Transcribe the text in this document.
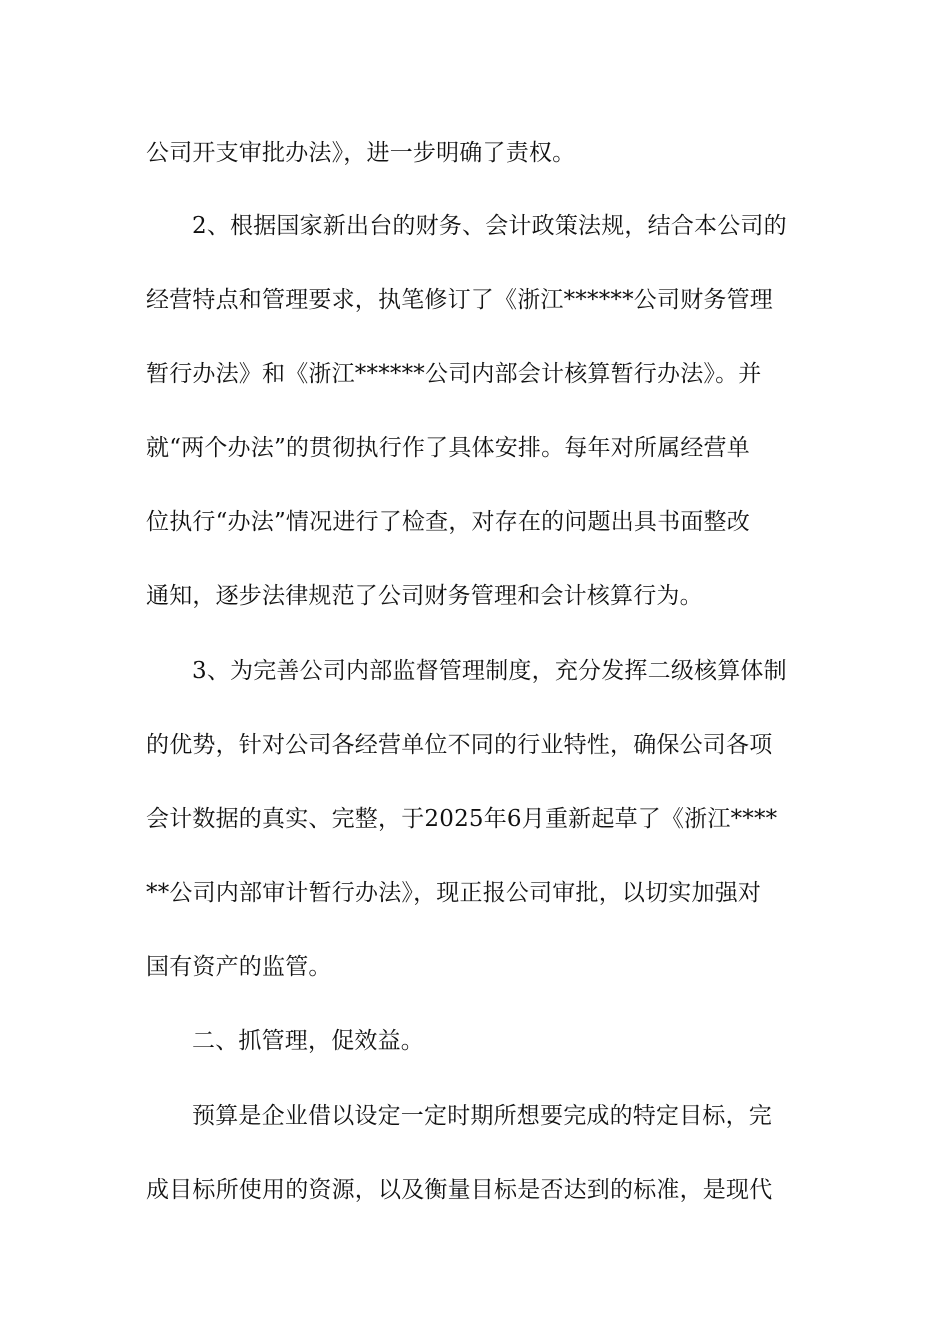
公司开支审批办法》，进一步明确了责权。
2、根据国家新出台的财务、会计政策法规，结合本公司的
经营特点和管理要求，执笔修订了《浙江******公司财务管理
暂行办法》和《浙江******公司内部会计核算暂行办法》。并
就“两个办法”的贯彻执行作了具体安排。每年对所属经营单
位执行“办法”情况进行了检查，对存在的问题出具书面整改
通知，逐步法律规范了公司财务管理和会计核算行为。
3、为完善公司内部监督管理制度，充分发挥二级核算体制
的优势，针对公司各经营单位不同的行业特性，确保公司各项
会计数据的真实、完整，于2025年6月重新起草了《浙江****
**公司内部审计暂行办法》，现正报公司审批，以切实加强对
国有资产的监管。
二、抓管理，促效益。
预算是企业借以设定一定时期所想要完成的特定目标，完
成目标所使用的资源，以及衡量目标是否达到的标准，是现代
